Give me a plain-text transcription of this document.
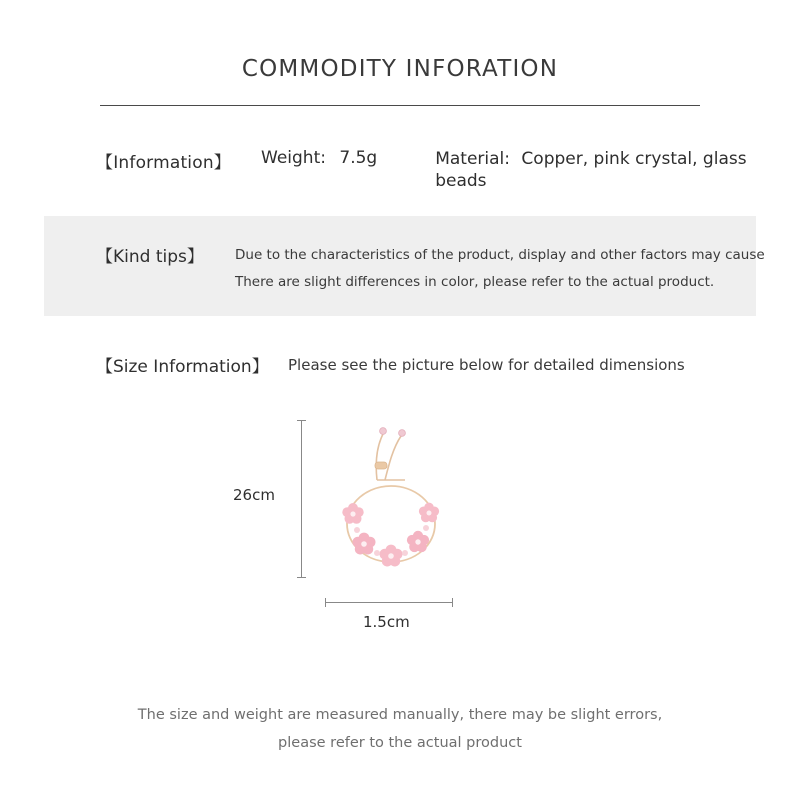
COMMODITY INFORATION
【Information】 Weight: 7.5g	Material: Copper, pink crystal, glass beads
【Kind tips】 Due to the characteristics of the product, display and other factors may cause
There are slight differences in color, please refer to the actual product.
【Size Information】 Please see the picture below for detailed dimensions
26cm
1.5cm
The size and weight are measured manually, there may be slight errors,
please refer to the actual product
